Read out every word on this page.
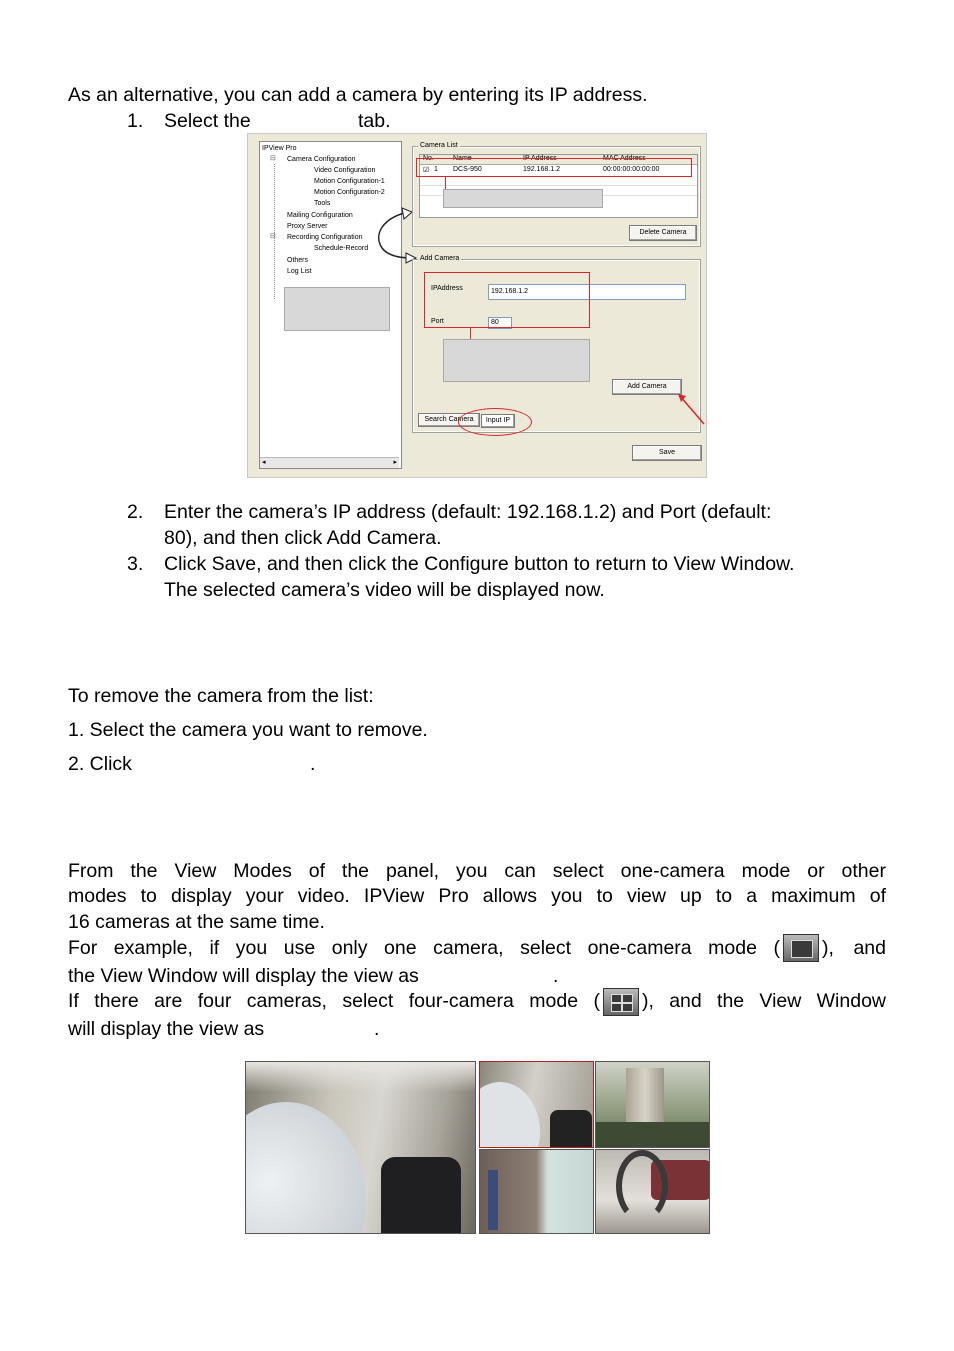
As an alternative, you can add a camera by entering its IP address.
1. Select the	tab.
IPView Pro
⊟ Camera Configuration
Video Configuration
Motion Configuration-1
Motion Configuration-2
Tools
Mailing Configuration
Proxy Server
⊟ Recording Configuration
Schedule-Record
Others
Log List
◂	▸
Camera List
No.	Name	IP Address	MAC Address
☑ 1 DCS-950	192.168.1.2	00:00:00:00:00:00
Delete Camera
Add Camera
IPAddress	192.168.1.2
Port	80
Add Camera
Search Camera	Input IP
Save
2. Enter the camera’s IP address (default: 192.168.1.2) and Port (default:
80), and then click Add Camera.
3. Click Save, and then click the Configure button to return to View Window.
The selected camera’s video will be displayed now.
To remove the camera from the list:
1. Select the camera you want to remove.
2. Click	.
From the View Modes of the panel, you can select one-camera mode or other
modes to display your video. IPView Pro allows you to view up to a maximum of
16 cameras at the same time.
For example, if you use only one camera, select one-camera mode ( ), and
the View Window will display the view as	.
If there are four cameras, select four-camera mode ( ), and the View Window
will display the view as	.
